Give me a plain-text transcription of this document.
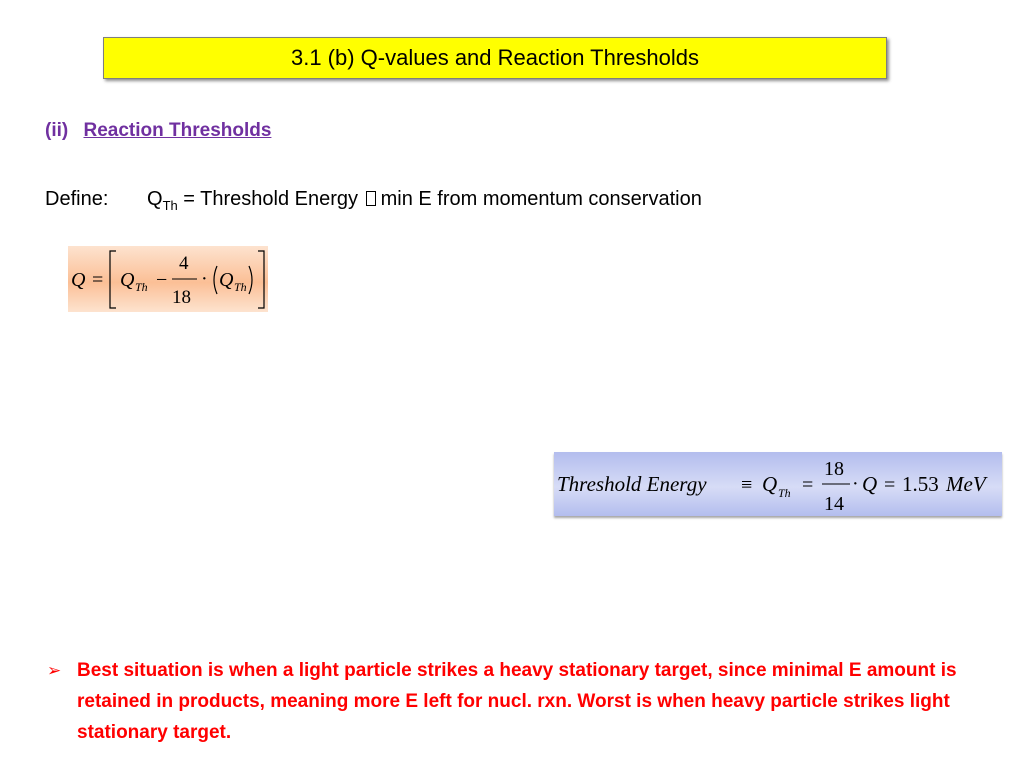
3.1 (b) Q-values and Reaction Thresholds
(ii) Reaction Thresholds
Define: $Q_{Th}$ = Threshold Energy min E from momentum conservation
Q = Q Th −
4
18
· Q Th
Threshold Energy ≡ Q Th =
18
14
· Q = 1.53 MeV
➢ Best situation is when a light particle strikes a heavy stationary target, since minimal E amount is retained in products, meaning more E left for nucl. rxn. Worst is when heavy particle strikes light stationary target.
